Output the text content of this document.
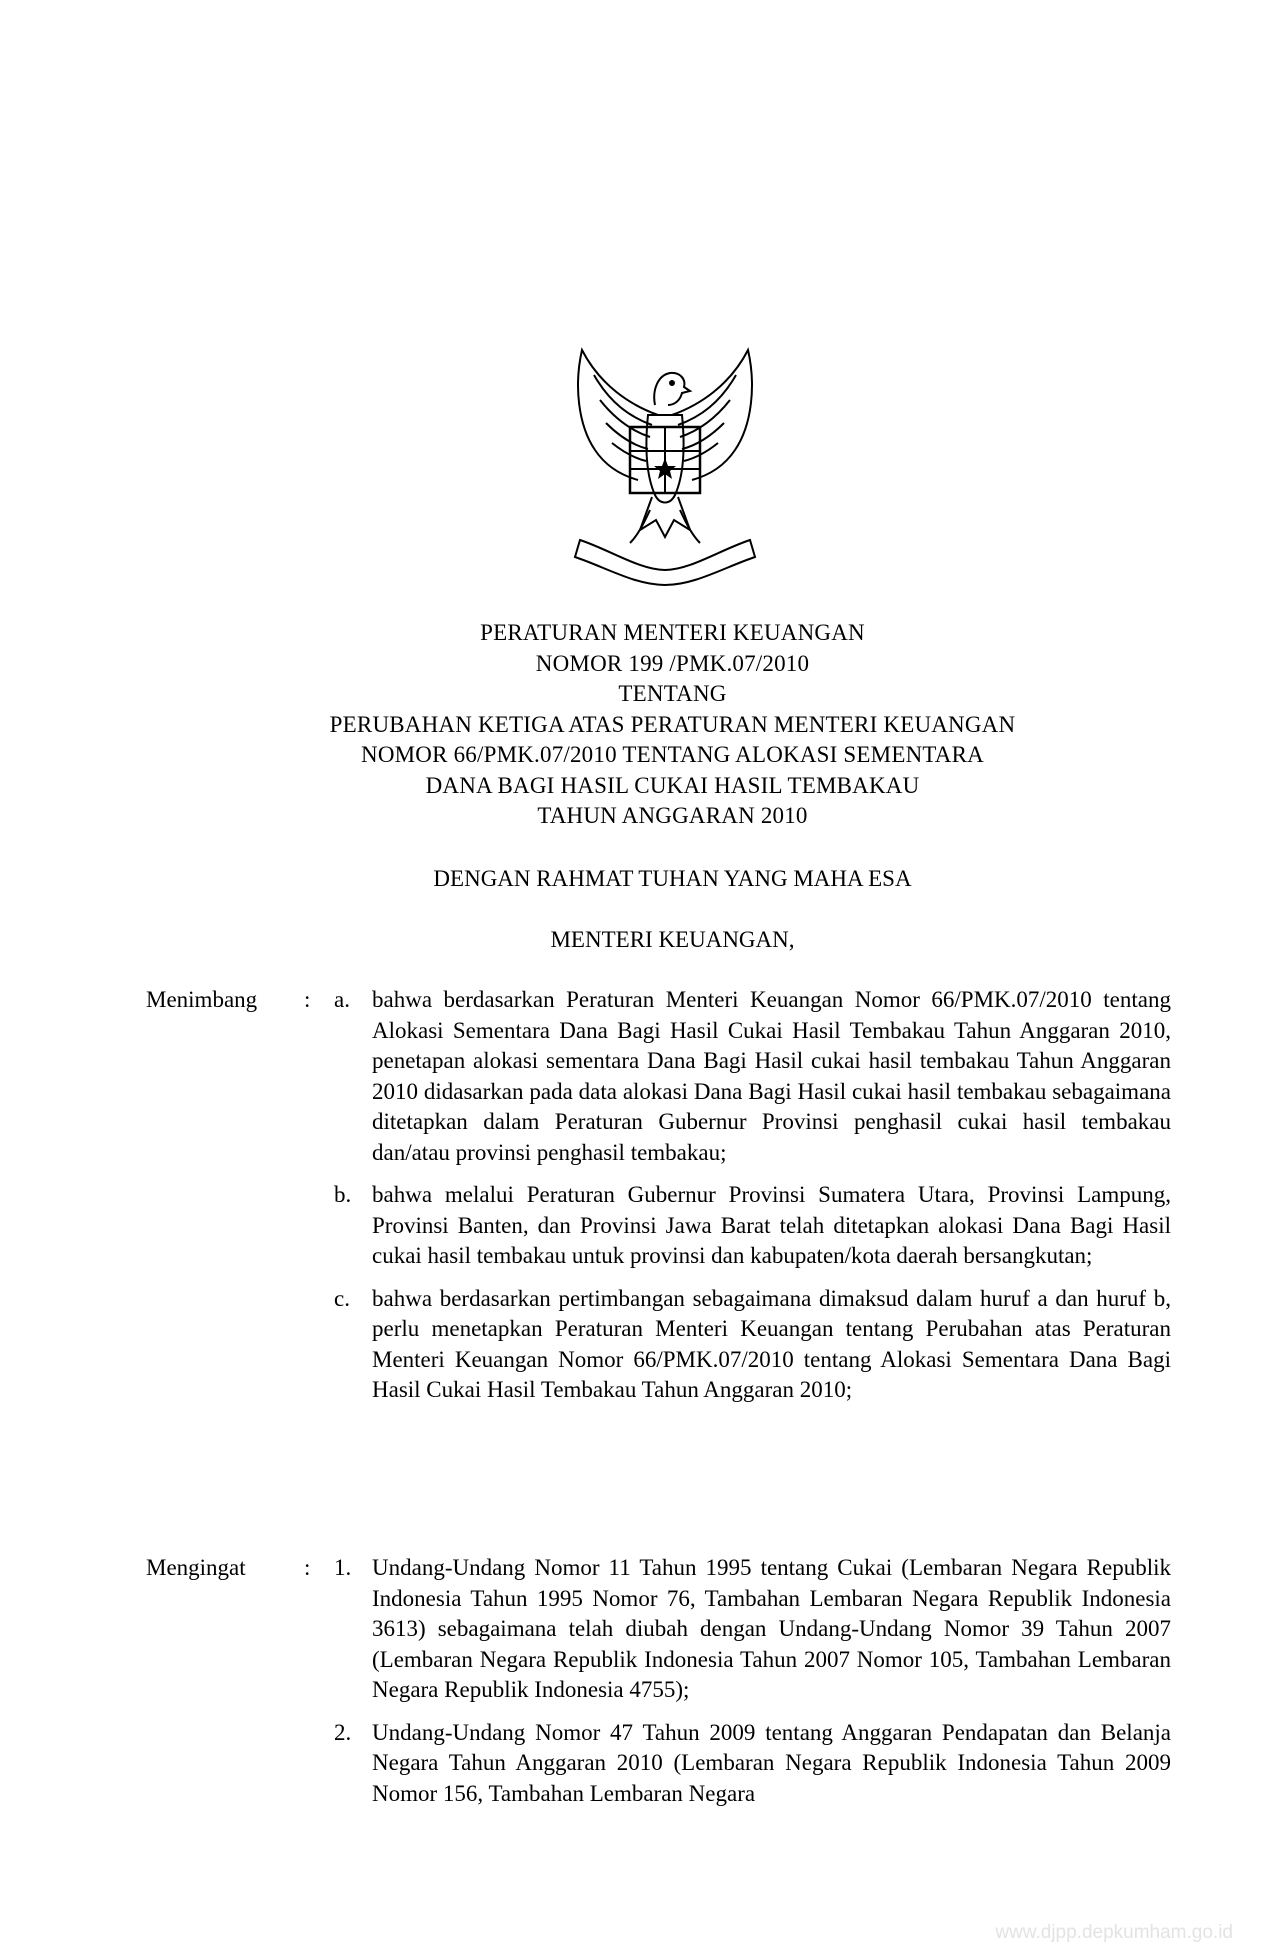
PERATURAN MENTERI KEUANGAN
NOMOR 199 /PMK.07/2010
TENTANG
PERUBAHAN KETIGA ATAS PERATURAN MENTERI KEUANGAN
NOMOR 66/PMK.07/2010 TENTANG ALOKASI SEMENTARA
DANA BAGI HASIL CUKAI HASIL TEMBAKAU
TAHUN ANGGARAN 2010
DENGAN RAHMAT TUHAN YANG MAHA ESA
MENTERI KEUANGAN,
Menimbang : a. bahwa berdasarkan Peraturan Menteri Keuangan Nomor 66/PMK.07/2010 tentang Alokasi Sementara Dana Bagi Hasil Cukai Hasil Tembakau Tahun Anggaran 2010, penetapan alokasi sementara Dana Bagi Hasil cukai hasil tembakau Tahun Anggaran 2010 didasarkan pada data alokasi Dana Bagi Hasil cukai hasil tembakau sebagaimana ditetapkan dalam Peraturan Gubernur Provinsi penghasil cukai hasil tembakau dan/atau provinsi penghasil tembakau;
b. bahwa melalui Peraturan Gubernur Provinsi Sumatera Utara, Provinsi Lampung, Provinsi Banten, dan Provinsi Jawa Barat telah ditetapkan alokasi Dana Bagi Hasil cukai hasil tembakau untuk provinsi dan kabupaten/kota daerah bersangkutan;
c. bahwa berdasarkan pertimbangan sebagaimana dimaksud dalam huruf a dan huruf b, perlu menetapkan Peraturan Menteri Keuangan tentang Perubahan atas Peraturan Menteri Keuangan Nomor 66/PMK.07/2010 tentang Alokasi Sementara Dana Bagi Hasil Cukai Hasil Tembakau Tahun Anggaran 2010;
Mengingat	: 1. Undang-Undang Nomor 11 Tahun 1995 tentang Cukai (Lembaran Negara Republik Indonesia Tahun 1995 Nomor 76, Tambahan Lembaran Negara Republik Indonesia 3613) sebagaimana telah diubah dengan Undang-Undang Nomor 39 Tahun 2007 (Lembaran Negara Republik Indonesia Tahun 2007 Nomor 105, Tambahan Lembaran Negara Republik Indonesia 4755);
2. Undang-Undang Nomor 47 Tahun 2009 tentang Anggaran Pendapatan dan Belanja Negara Tahun Anggaran 2010 (Lembaran Negara Republik Indonesia Tahun 2009 Nomor 156, Tambahan Lembaran Negara
www.djpp.depkumham.go.id
